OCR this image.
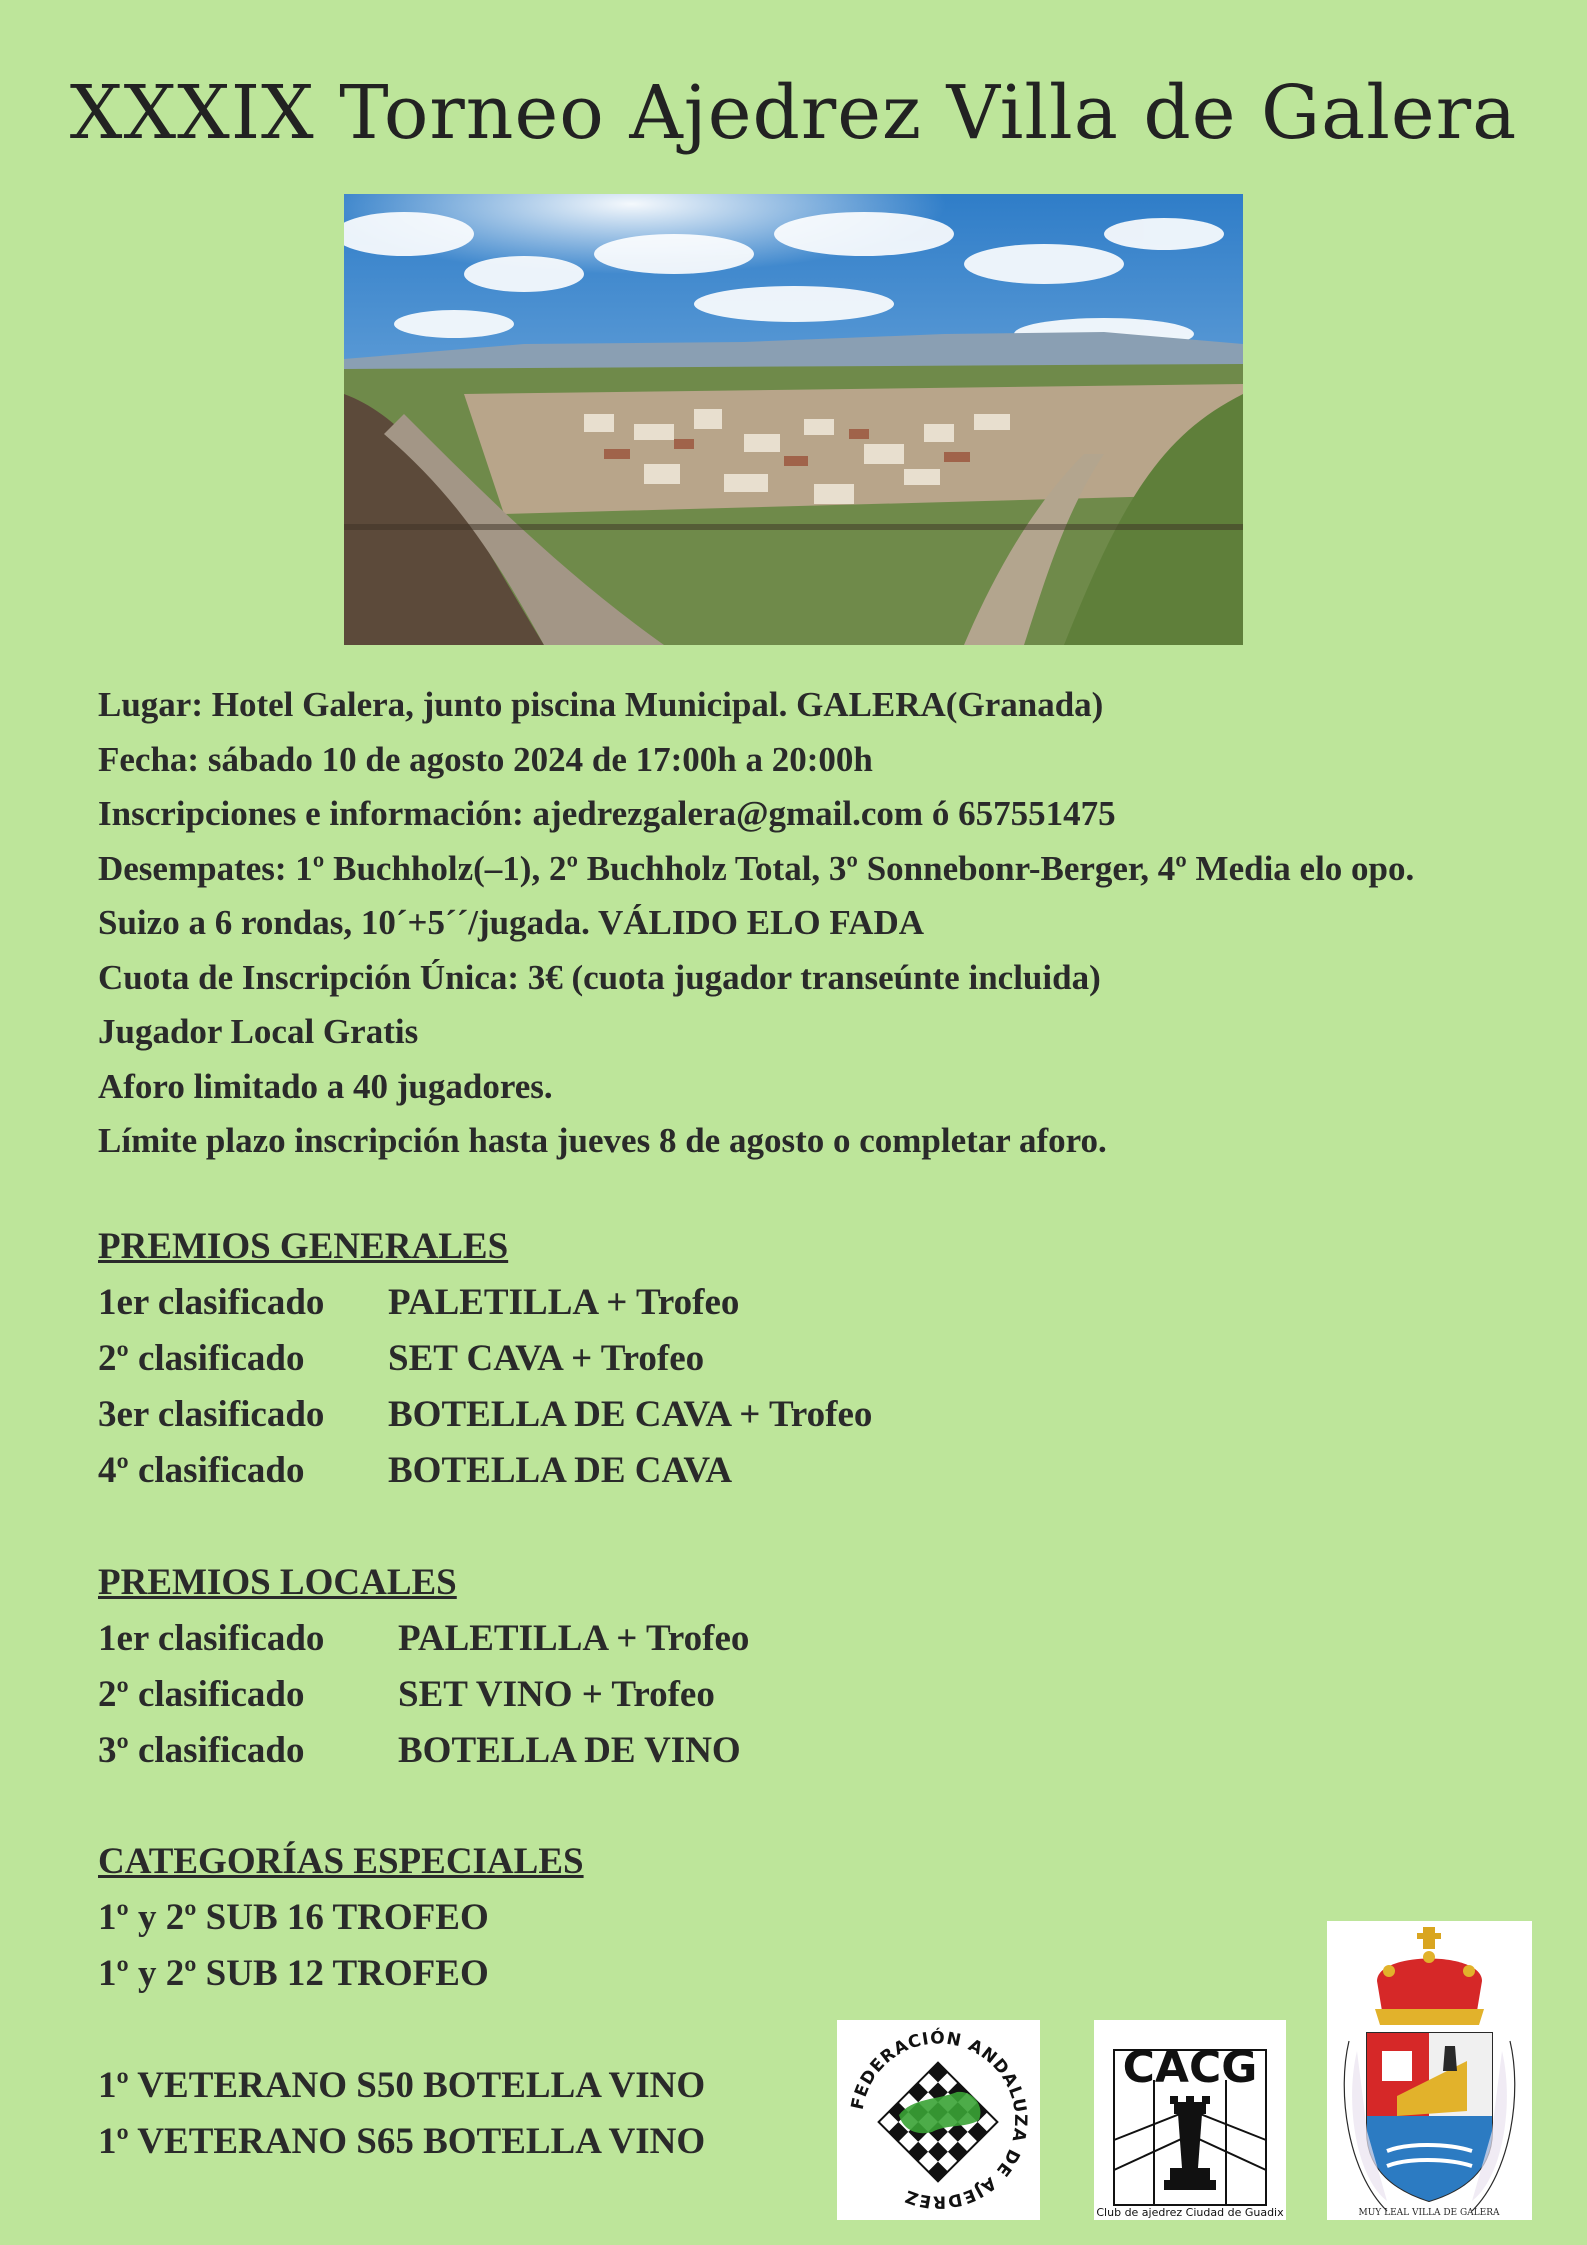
XXXIX Torneo Ajedrez Villa de Galera
Lugar: Hotel Galera, junto piscina Municipal. GALERA(Granada)
Fecha: sábado 10 de agosto 2024 de 17:00h a 20:00h
Inscripciones e información: ajedrezgalera@gmail.com ó 657551475
Desempates: 1º Buchholz(–1), 2º Buchholz Total, 3º Sonnebonr-Berger, 4º Media elo opo.
Suizo a 6 rondas, 10´+5´´/jugada. VÁLIDO ELO FADA
Cuota de Inscripción Única: 3€ (cuota jugador transeúnte incluida)
Jugador Local Gratis
Aforo limitado a 40 jugadores.
Límite plazo inscripción hasta jueves 8 de agosto o completar aforo.
PREMIOS GENERALES
1er clasificado PALETILLA + Trofeo
2º clasificado SET CAVA + Trofeo
3er clasificado BOTELLA DE CAVA + Trofeo
4º clasificado BOTELLA DE CAVA
PREMIOS LOCALES
1er clasificado PALETILLA + Trofeo
2º clasificado	SET VINO + Trofeo
3º clasificado	BOTELLA DE VINO
CATEGORÍAS ESPECIALES
1º y 2º SUB 16 TROFEO
1º y 2º SUB 12 TROFEO
1º VETERANO S50 BOTELLA VINO
1º VETERANO S65 BOTELLA VINO
FEDERACIÓN ANDALUZA DE AJEDREZ
CACG
Club de ajedrez Ciudad de Guadix	MUY LEAL VILLA DE GALERA
